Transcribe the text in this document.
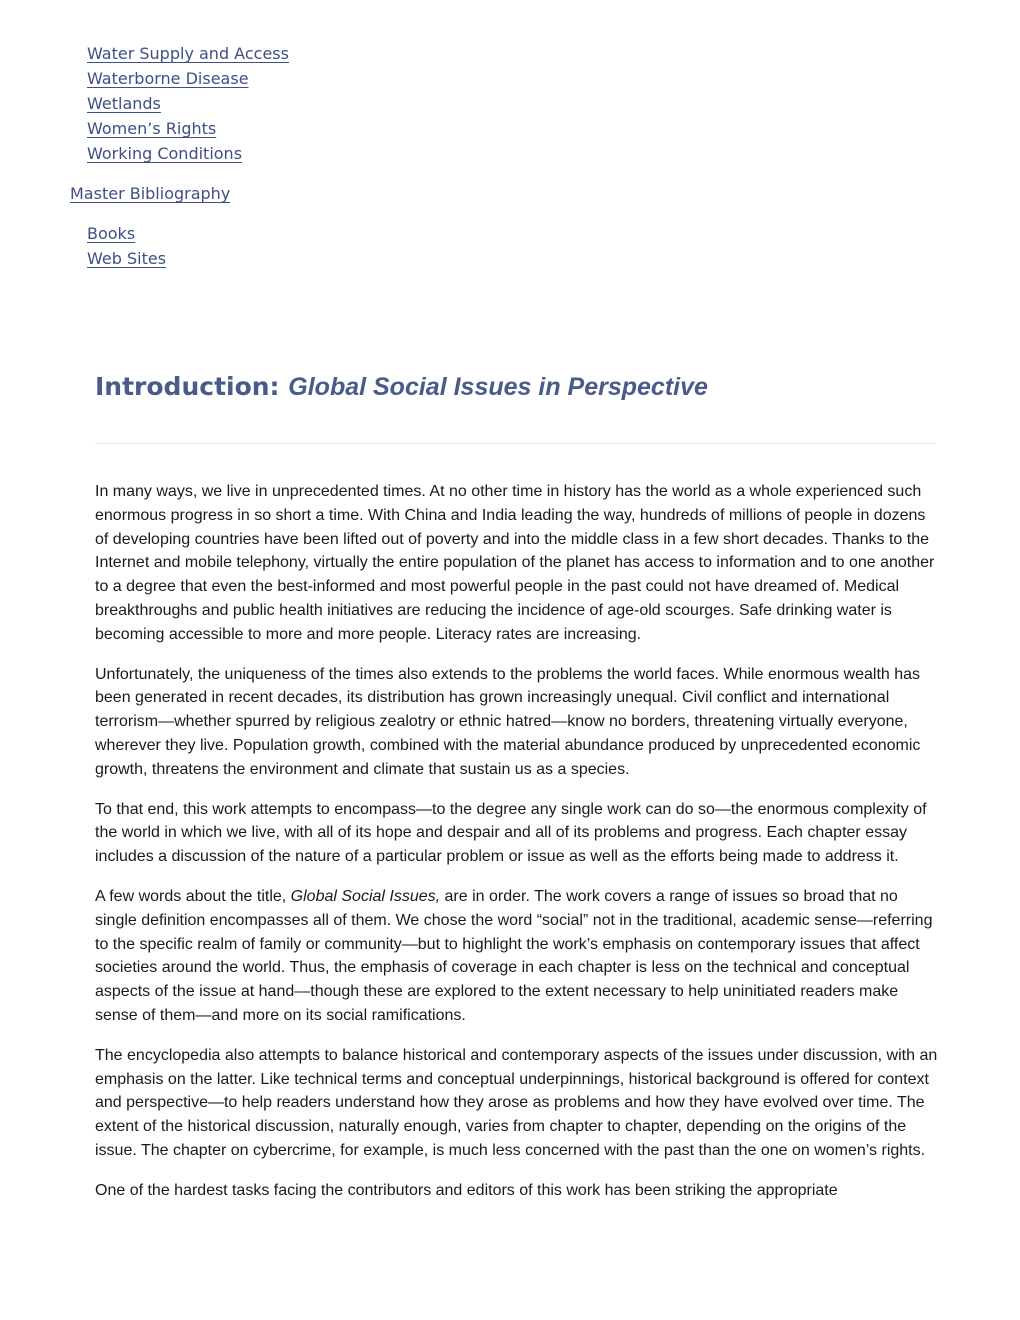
Water Supply and Access
Waterborne Disease
Wetlands
Women’s Rights
Working Conditions
Master Bibliography
Books
Web Sites
Introduction: Global Social Issues in Perspective

In many ways, we live in unprecedented times. At no other time in history has the world as a whole experienced such enormous progress in so short a time. With China and India leading the way, hundreds of millions of people in dozens of developing countries have been lifted out of poverty and into the middle class in a few short decades. Thanks to the Internet and mobile telephony, virtually the entire population of the planet has access to information and to one another to a degree that even the best-informed and most powerful people in the past could not have dreamed of. Medical breakthroughs and public health initiatives are reducing the incidence of age-old scourges. Safe drinking water is becoming accessible to more and more people. Literacy rates are increasing.

Unfortunately, the uniqueness of the times also extends to the problems the world faces. While enormous wealth has been generated in recent decades, its distribution has grown increasingly unequal. Civil conflict and international terrorism—whether spurred by religious zealotry or ethnic hatred—know no borders, threatening virtually everyone, wherever they live. Population growth, combined with the material abundance produced by unprecedented economic growth, threatens the environment and climate that sustain us as a species.

To that end, this work attempts to encompass—to the degree any single work can do so—the enormous complexity of the world in which we live, with all of its hope and despair and all of its problems and progress. Each chapter essay includes a discussion of the nature of a particular problem or issue as well as the efforts being made to address it.

A few words about the title, Global Social Issues, are in order. The work covers a range of issues so broad that no single definition encompasses all of them. We chose the word “social” not in the traditional, academic sense—referring to the specific realm of family or community—but to highlight the work’s emphasis on contemporary issues that affect societies around the world. Thus, the emphasis of coverage in each chapter is less on the technical and conceptual aspects of the issue at hand—though these are explored to the extent necessary to help uninitiated readers make sense of them—and more on its social ramifications.

The encyclopedia also attempts to balance historical and contemporary aspects of the issues under discussion, with an emphasis on the latter. Like technical terms and conceptual underpinnings, historical background is offered for context and perspective—to help readers understand how they arose as problems and how they have evolved over time. The extent of the historical discussion, naturally enough, varies from chapter to chapter, depending on the origins of the issue. The chapter on cybercrime, for example, is much less concerned with the past than the one on women’s rights.

One of the hardest tasks facing the contributors and editors of this work has been striking the appropriate
